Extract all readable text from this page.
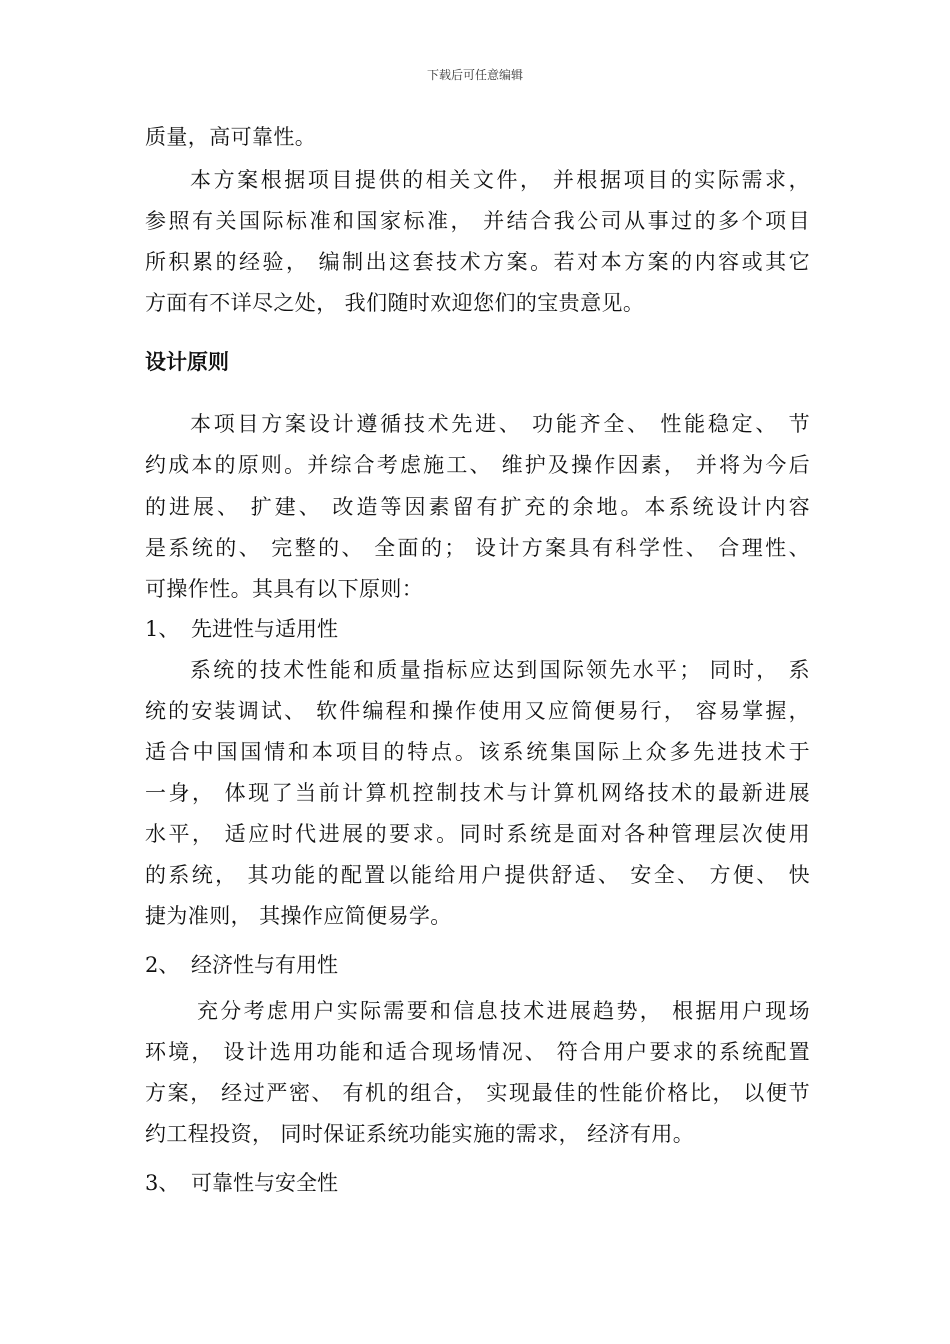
下载后可任意编辑
质量，高可靠性。
本方案根据项目提供的相关文件， 并根据项目的实际需求，
参照有关国际标准和国家标准， 并结合我公司从事过的多个项目
所积累的经验， 编制出这套技术方案。若对本方案的内容或其它
方面有不详尽之处， 我们随时欢迎您们的宝贵意见。
设计原则
本项目方案设计遵循技术先进、 功能齐全、 性能稳定、 节
约成本的原则。并综合考虑施工、 维护及操作因素， 并将为今后
的进展、 扩建、 改造等因素留有扩充的余地。本系统设计内容
是系统的、 完整的、 全面的； 设计方案具有科学性、 合理性、
可操作性。其具有以下原则：
1、 先进性与适用性
系统的技术性能和质量指标应达到国际领先水平； 同时， 系
统的安装调试、 软件编程和操作使用又应简便易行， 容易掌握，
适合中国国情和本项目的特点。该系统集国际上众多先进技术于
一身， 体现了当前计算机控制技术与计算机网络技术的最新进展
水平， 适应时代进展的要求。同时系统是面对各种管理层次使用
的系统， 其功能的配置以能给用户提供舒适、 安全、 方便、 快
捷为准则， 其操作应简便易学。
2、 经济性与有用性
充分考虑用户实际需要和信息技术进展趋势， 根据用户现场
环境， 设计选用功能和适合现场情况、 符合用户要求的系统配置
方案， 经过严密、 有机的组合， 实现最佳的性能价格比， 以便节
约工程投资， 同时保证系统功能实施的需求， 经济有用。
3、 可靠性与安全性
